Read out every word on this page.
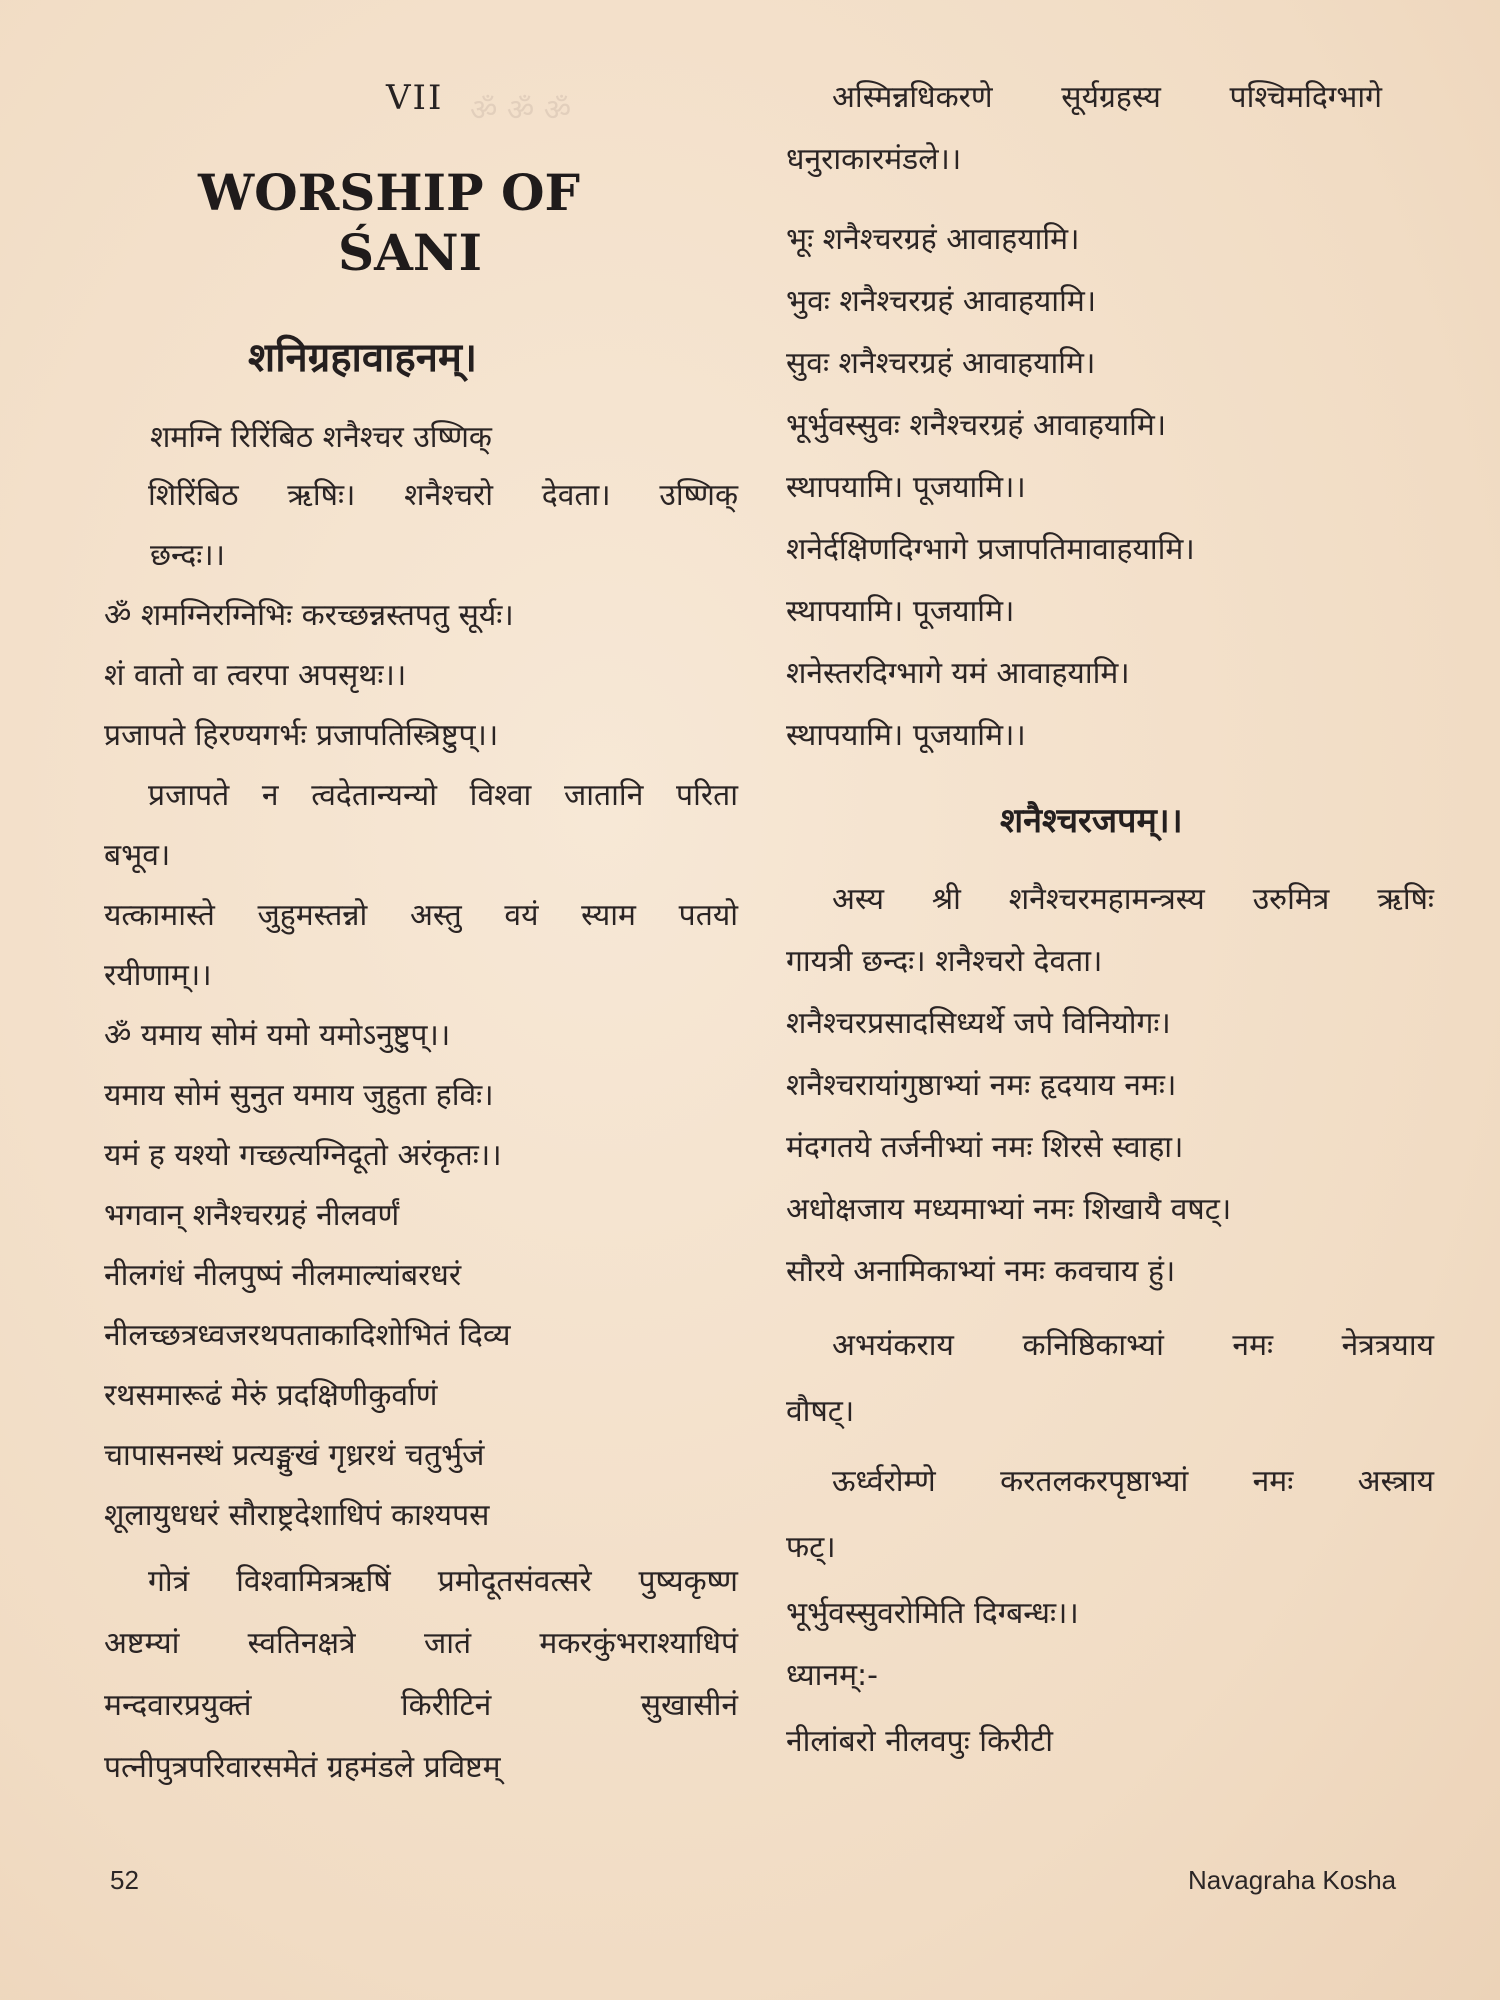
ॐ ॐ ॐ
VII
WORSHIP OF
ŚANI
शनिग्रहावाहनम्।
शमग्नि रिरिंबिठ शनैश्चर उष्णिक्
शिरिंबिठ ऋषिः। शनैश्चरो देवता। उष्णिक्
छन्दः।।
ॐ शमग्निरग्निभिः करच्छन्नस्तपतु सूर्यः।
शं वातो वा त्वरपा अपसृथः।।
प्रजापते हिरण्यगर्भः प्रजापतिस्त्रिष्टुप्।।
प्रजापते न त्वदेतान्यन्यो विश्वा जातानि परिता
बभूव।
यत्कामास्ते जुहुमस्तन्नो अस्तु वयं स्याम पतयो
रयीणाम्।।
ॐ यमाय सोमं यमो यमोऽनुष्टुप्।।
यमाय सोमं सुनुत यमाय जुहुता हविः।
यमं ह यश्यो गच्छत्यग्निदूतो अरंकृतः।।
भगवान् शनैश्चरग्रहं नीलवर्णं
नीलगंधं नीलपुष्पं नीलमाल्यांबरधरं
नीलच्छत्रध्वजरथपताकादिशोभितं दिव्य
रथसमारूढं मेरुं प्रदक्षिणीकुर्वाणं
चापासनस्थं प्रत्यङ्मुखं गृध्ररथं चतुर्भुजं
शूलायुधधरं सौराष्ट्रदेशाधिपं काश्यपस
गोत्रं विश्वामित्रऋषिं प्रमोदूतसंवत्सरे पुष्यकृष्ण
अष्टम्यां स्वतिनक्षत्रे जातं मकरकुंभराश्याधिपं
मन्दवारप्रयुक्तं किरीटिनं सुखासीनं
पत्नीपुत्रपरिवारसमेतं ग्रहमंडले प्रविष्टम्
अस्मिन्नधिकरणे सूर्यग्रहस्य पश्चिमदिग्भागे
धनुराकारमंडले।।
भूः शनैश्चरग्रहं आवाहयामि।
भुवः शनैश्चरग्रहं आवाहयामि।
सुवः शनैश्चरग्रहं आवाहयामि।
भूर्भुवस्सुवः शनैश्चरग्रहं आवाहयामि।
स्थापयामि। पूजयामि।।
शनेर्दक्षिणदिग्भागे प्रजापतिमावाहयामि।
स्थापयामि। पूजयामि।
शनेस्तरदिग्भागे यमं आवाहयामि।
स्थापयामि। पूजयामि।।
शनैश्चरजपम्।।
अस्य श्री शनैश्चरमहामन्त्रस्य उरुमित्र ऋषिः
गायत्री छन्दः। शनैश्चरो देवता।
शनैश्चरप्रसादसिध्यर्थे जपे विनियोगः।
शनैश्चरायांगुष्ठाभ्यां नमः हृदयाय नमः।
मंदगतये तर्जनीभ्यां नमः शिरसे स्वाहा।
अधोक्षजाय मध्यमाभ्यां नमः शिखायै वषट्।
सौरये अनामिकाभ्यां नमः कवचाय हुं।
अभयंकराय कनिष्ठिकाभ्यां नमः नेत्रत्रयाय
वौषट्।
ऊर्ध्वरोम्णे करतलकरपृष्ठाभ्यां नमः अस्त्राय
फट्।
भूर्भुवस्सुवरोमिति दिग्बन्धः।।
ध्यानम्:-
नीलांबरो नीलवपुः किरीटी
52	Navagraha Kosha
